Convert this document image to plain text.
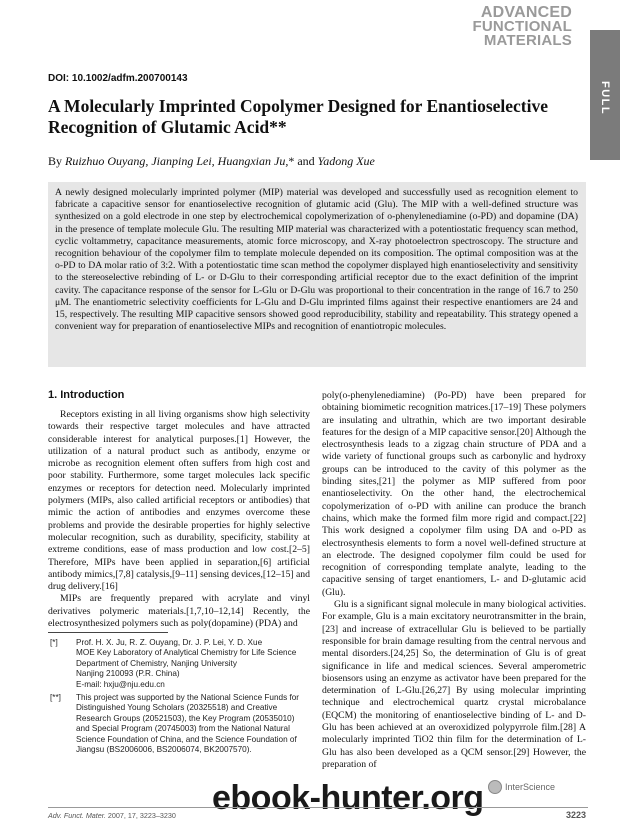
ADVANCED
FUNCTIONAL
MATERIALS
FULL PAPER
DOI: 10.1002/adfm.200700143
A Molecularly Imprinted Copolymer Designed for Enantioselective Recognition of Glutamic Acid**
By Ruizhuo Ouyang, Jianping Lei, Huangxian Ju,* and Yadong Xue
A newly designed molecularly imprinted polymer (MIP) material was developed and successfully used as recognition element to fabricate a capacitive sensor for enantioselective recognition of glutamic acid (Glu). The MIP with a well-defined structure was synthesized on a gold electrode in one step by electrochemical copolymerization of o-phenylenediamine (o-PD) and dopamine (DA) in the presence of template molecule Glu. The resulting MIP material was characterized with a potentiostatic frequency scan method, cyclic voltammetry, capacitance measurements, atomic force microscopy, and X-ray photoelectron spectroscopy. The structure and recognition behaviour of the copolymer film to template molecule depended on its composition. The optimal composition was at the o-PD to DA molar ratio of 3:2. With a potentiostatic time scan method the copolymer displayed high enantioselectivity and sensitivity to the stereoselective rebinding of L- or D-Glu to their corresponding artificial receptor due to the exact definition of the imprint cavity. The capacitance response of the sensor for L-Glu or D-Glu was proportional to their concentration in the range of 16.7 to 250 μM. The enantiometric selectivity coefficients for L-Glu and D-Glu imprinted films against their respective enantiomers are 24 and 15, respectively. The resulting MIP capacitive sensors showed good reproducibility, stability and repeatability. This strategy opened a convenient way for preparation of enantioselective MIPs and recognition of enantiotropic molecules.
1. Introduction

Receptors existing in all living organisms show high selectivity towards their respective target molecules and have attracted considerable interest for analytical purposes.[1] However, the utilization of a natural product such as antibody, enzyme or microbe as recognition element often suffers from high cost and poor stability. Furthermore, some target molecules lack specific enzymes or receptors for detection need. Molecularly imprinted polymers (MIPs, also called artificial receptors or antibodies) that mimic the action of antibodies and enzymes overcome these problems and provide the desirable properties for highly selective molecular recognition, such as durability, specificity, stability at extreme conditions, ease of mass production and low cost.[2–5] Therefore, MIPs have been applied in separation,[6] artificial antibody mimics,[7,8] catalysis,[9–11] sensing devices,[12–15] and drug delivery.[16]

MIPs are frequently prepared with acrylate and vinyl derivatives polymeric materials.[1,7,10–12,14] Recently, the electrosynthesized polymers such as poly(dopamine) (PDA) and

poly(o-phenylenediamine) (Po-PD) have been prepared for obtaining biomimetic recognition matrices.[17–19] These polymers are insulating and ultrathin, which are two important desirable features for the design of a MIP capacitive sensor.[20] Although the electrosynthesis leads to a zigzag chain structure of PDA and a wide variety of functional groups such as carbonylic and hydroxy groups can be introduced to the cavity of this polymer as the binding sites,[21] the polymer as MIP suffered from poor enantioselectivity. On the other hand, the electrochemical copolymerization of o-PD with aniline can produce the branch chains, which make the formed film more rigid and compact.[22] This work designed a copolymer film using DA and o-PD as electrosynthesis elements to form a novel well-defined structure at an electrode. The designed copolymer film could be used for recognition of corresponding template analyte, leading to the capacitive sensing of target enantiomers, L- and D-glutamic acid (Glu).

Glu is a significant signal molecule in many biological activities. For example, Glu is a main excitatory neurotransmitter in the brain,[23] and increase of extracellular Glu is believed to be partially responsible for brain damage resulting from the central nervous and mental disorders.[24,25] So, the determination of Glu is of great significance in life and medical sciences. Several amperometric biosensors using an enzyme as activator have been prepared for the determination of L-Glu.[26,27] By using molecular imprinting technique and electrochemical quartz crystal microbalance (EQCM) the monitoring of enantioselective binding of L- and D-Glu has been achieved at an overoxidized polypyrrole film.[28] A molecularly imprinted TiO2 thin film for the determination of L-Glu has also been developed as a QCM sensor.[29] However, the preparation of

[*] Prof. H. X. Ju, R. Z. Ouyang, Dr. J. P. Lei, Y. D. Xue
MOE Key Laboratory of Analytical Chemistry for Life Science
Department of Chemistry, Nanjing University
Nanjing 210093 (P.R. China)
E-mail: hxju@nju.edu.cn
[**] This project was supported by the National Science Funds for Distinguished Young Scholars (20325518) and Creative Research Groups (20521503), the Key Program (20535010) and Special Program (20745003) from the National Natural Science Foundation of China, and the Science Foundation of Jiangsu (BS2006006, BS2006074, BK2007570).
InterScience
ebook-hunter.org
Adv. Funct. Mater. 2007, 17, 3223–3230	3223
